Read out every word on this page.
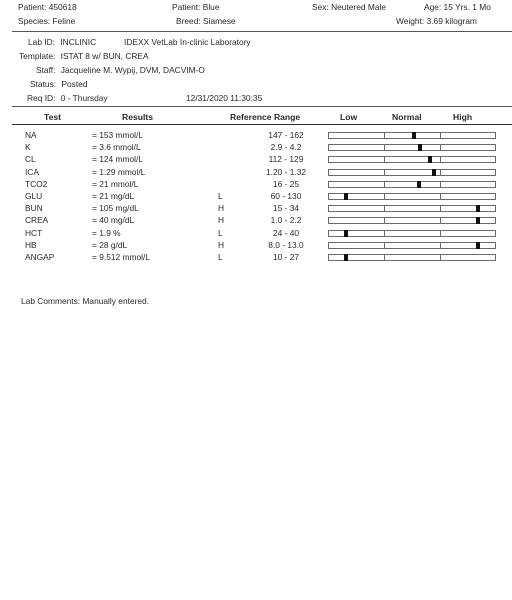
Patient: 450618
Species: Feline
Patient: Blue
Breed: Siamese
Sex: Neutered Male	Age: 15 Yrs. 1 Mo
Weight: 3.69 kilogram
Lab ID: INCLINIC	IDEXX VetLab In-clinic Laboratory
Template: ISTAT 8 w/ BUN, CREA
Staff: Jacqueline M. Wypij, DVM, DACVIM-O
Status: Posted
Req ID: 0 - Thursday	12/31/2020 11:30:35
Test	Results	Reference Range	Low	Normal	High
NA	= 153 mmol/L	147 - 162
K	= 3.6 mmol/L	2.9 - 4.2
CL	= 124 mmol/L	112 - 129
ICA	= 1.29 mmol/L	1.20 - 1.32
TCO2	= 21 mmol/L	16 - 25
GLU	= 21 mg/dL	L	60 - 130
BUN	= 105 mg/dL	H	15 - 34
CREA	= 40 mg/dL	H	1.0 - 2.2
HCT	= 1.9 %	L	24 - 40
HB	= 28 g/dL	H	8.0 - 13.0
ANGAP	= 9.512 mmol/L	L	10 - 27
Lab Comments: Manually entered.
